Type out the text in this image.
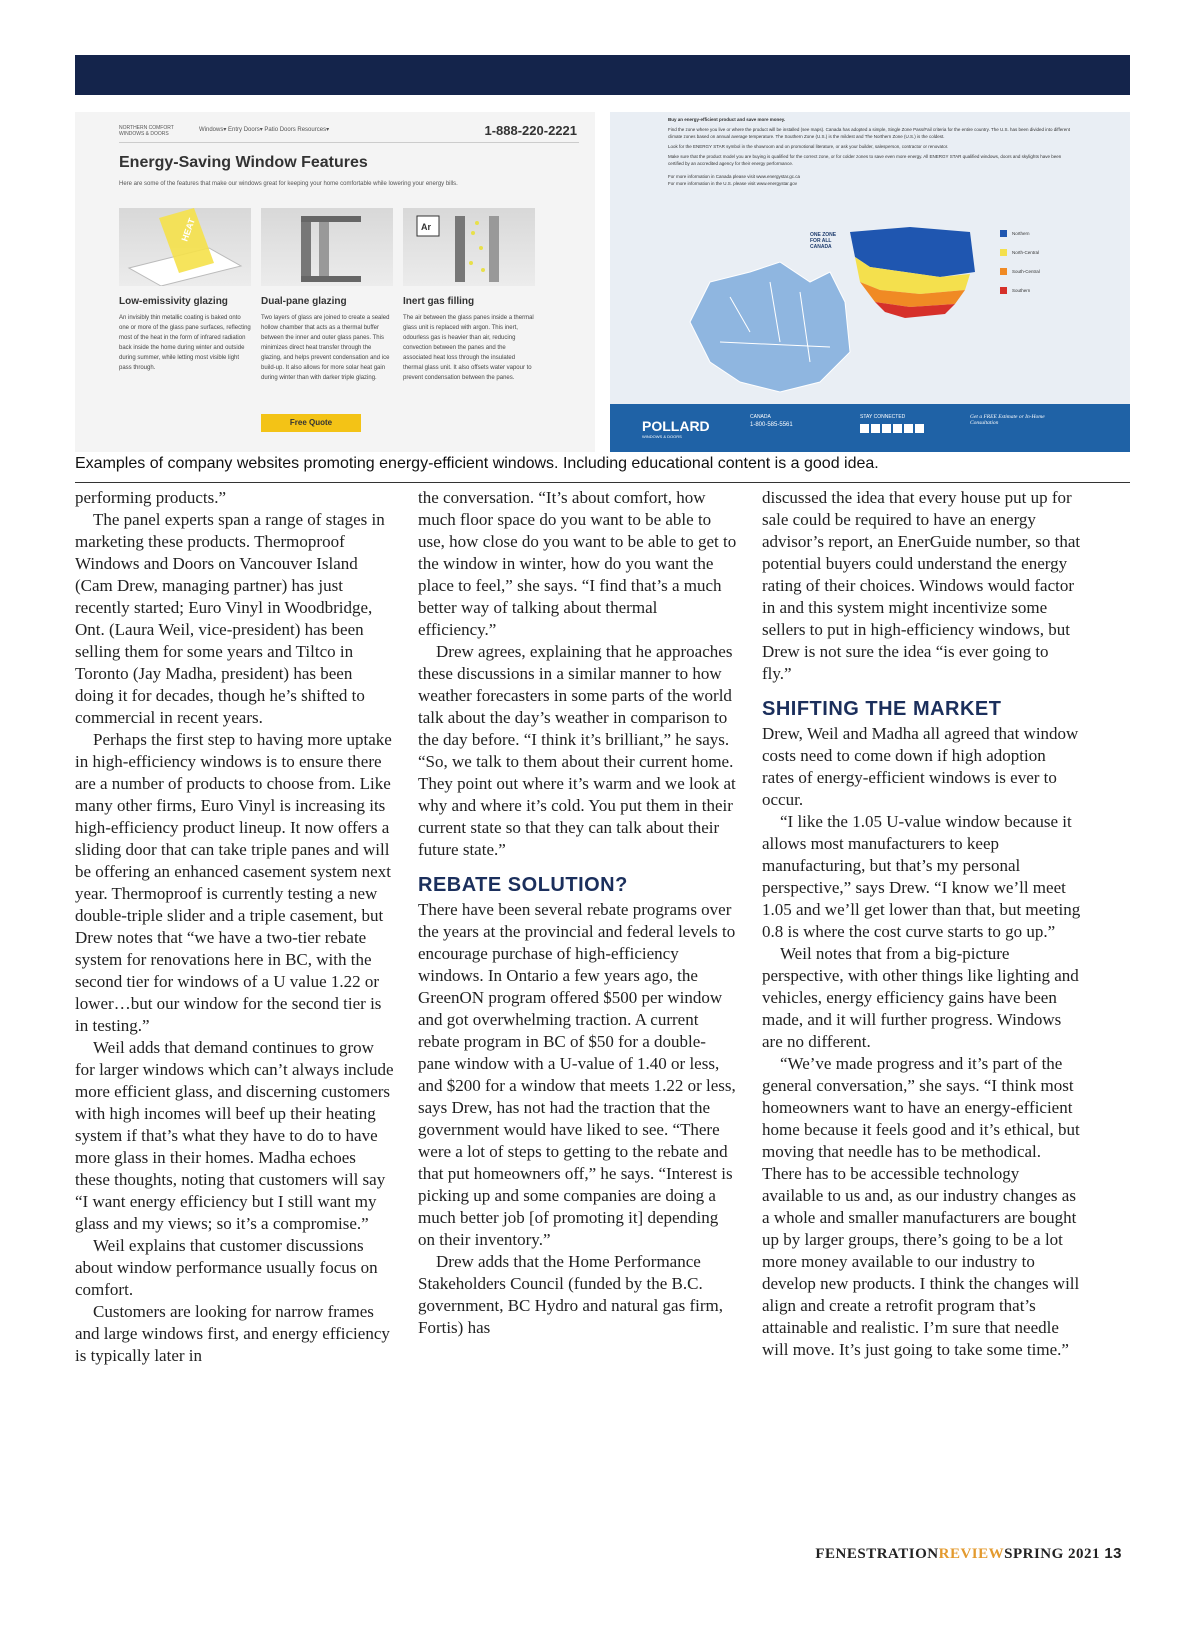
NORTHERN COMFORT WINDOWS & DOORS
Windows▾ Entry Doors▾ Patio Doors Resources▾	1-888-220-2221
Energy-Saving Window Features
Here are some of the features that make our windows great for keeping your home comfortable while lowering your energy bills.
HEAT
Low-emissivity glazing
An invisibly thin metallic coating is baked onto one or more of the glass pane surfaces, reflecting most of the heat in the form of infrared radiation back inside the home during winter and outside during summer, while letting most visible light pass through.
Dual-pane glazing
Two layers of glass are joined to create a sealed hollow chamber that acts as a thermal buffer between the inner and outer glass panes. This minimizes direct heat transfer through the glazing, and helps prevent condensation and ice build-up. It also allows for more solar heat gain during winter than with darker triple glazing.
Ar
Inert gas filling
The air between the glass panes inside a thermal glass unit is replaced with argon. This inert, odourless gas is heavier than air, reducing convection between the panes and the associated heat loss through the insulated thermal glass unit. It also offsets water vapour to prevent condensation between the panes.
Free Quote
Buy an energy-efficient product and save more money.
Find the zone where you live or where the product will be installed (see maps). Canada has adopted a simple, Single Zone Pass/Fail criteria for the entire country. The U.S. has been divided into different climate zones based on annual average temperature. The Southern Zone (U.S.) is the mildest and The Northern Zone (U.S.) is the coldest.
Look for the ENERGY STAR symbol in the showroom and on promotional literature, or ask your builder, salesperson, contractor or renovator.
Make sure that the product model you are buying is qualified for the correct zone, or for colder zones to save even more energy. All ENERGY STAR qualified windows, doors and skylights have been certified by an accredited agency for their energy performance.
For more information in Canada please visit www.energystar.gc.ca
For more information in the U.S. please visit www.energystar.gov
ONE ZONE FOR ALL CANADA
Northern
North-Central
South-Central
Southern
POLLARD
WINDOWS & DOORS
CANADA
1-800-585-5561
STAY CONNECTED	Get a FREE Estimate or In-Home Consultation
Examples of company websites promoting energy-efficient windows. Including educational content is a good idea.

performing products.”

The panel experts span a range of stages in marketing these products. Thermoproof Windows and Doors on Vancouver Island (Cam Drew, managing partner) has just recently started; Euro Vinyl in Woodbridge, Ont. (Laura Weil, vice-president) has been selling them for some years and Tiltco in Toronto (Jay Madha, president) has been doing it for decades, though he’s shifted to commercial in recent years.

Perhaps the first step to having more uptake in high-efficiency windows is to ensure there are a number of products to choose from. Like many other firms, Euro Vinyl is increasing its high-efficiency product lineup. It now offers a sliding door that can take triple panes and will be offering an enhanced casement system next year. Thermoproof is currently testing a new double-triple slider and a triple casement, but Drew notes that “we have a two-tier rebate system for renovations here in BC, with the second tier for windows of a U value 1.22 or lower…but our window for the second tier is in testing.”

Weil adds that demand continues to grow for larger windows which can’t always include more efficient glass, and discerning customers with high incomes will beef up their heating system if that’s what they have to do to have more glass in their homes. Madha echoes these thoughts, noting that customers will say “I want energy efficiency but I still want my glass and my views; so it’s a compromise.”

Weil explains that customer discussions about window performance usually focus on comfort.

Customers are looking for narrow frames and large windows first, and energy efficiency is typically later in

the conversation. “It’s about comfort, how much floor space do you want to be able to use, how close do you want to be able to get to the window in winter, how do you want the place to feel,” she says. “I find that’s a much better way of talking about thermal efficiency.”

Drew agrees, explaining that he approaches these discussions in a similar manner to how weather forecasters in some parts of the world talk about the day’s weather in comparison to the day before. “I think it’s brilliant,” he says. “So, we talk to them about their current home. They point out where it’s warm and we look at why and where it’s cold. You put them in their current state so that they can talk about their future state.”

REBATE SOLUTION?

There have been several rebate programs over the years at the provincial and federal levels to encourage purchase of high-efficiency windows. In Ontario a few years ago, the GreenON program offered $500 per window and got overwhelming traction. A current rebate program in BC of $50 for a double-pane window with a U-value of 1.40 or less, and $200 for a window that meets 1.22 or less, says Drew, has not had the traction that the government would have liked to see. “There were a lot of steps to getting to the rebate and that put homeowners off,” he says. “Interest is picking up and some companies are doing a much better job [of promoting it] depending on their inventory.”

Drew adds that the Home Performance Stakeholders Council (funded by the B.C. government, BC Hydro and natural gas firm, Fortis) has

discussed the idea that every house put up for sale could be required to have an energy advisor’s report, an EnerGuide number, so that potential buyers could understand the energy rating of their choices. Windows would factor in and this system might incentivize some sellers to put in high-efficiency windows, but Drew is not sure the idea “is ever going to fly.”

SHIFTING THE MARKET

Drew, Weil and Madha all agreed that window costs need to come down if high adoption rates of energy-efficient windows is ever to occur.

“I like the 1.05 U-value window because it allows most manufacturers to keep manufacturing, but that’s my personal perspective,” says Drew. “I know we’ll meet 1.05 and we’ll get lower than that, but meeting 0.8 is where the cost curve starts to go up.”

Weil notes that from a big-picture perspective, with other things like lighting and vehicles, energy efficiency gains have been made, and it will further progress. Windows are no different.

“We’ve made progress and it’s part of the general conversation,” she says. “I think most homeowners want to have an energy-efficient home because it feels good and it’s ethical, but moving that needle has to be methodical. There has to be accessible technology available to us and, as our industry changes as a whole and smaller manufacturers are bought up by larger groups, there’s going to be a lot more money available to our industry to develop new products. I think the changes will align and create a retrofit program that’s attainable and realistic. I’m sure that needle will move. It’s just going to take some time.”

FENESTRATIONREVIEWSPRING 2021 13
